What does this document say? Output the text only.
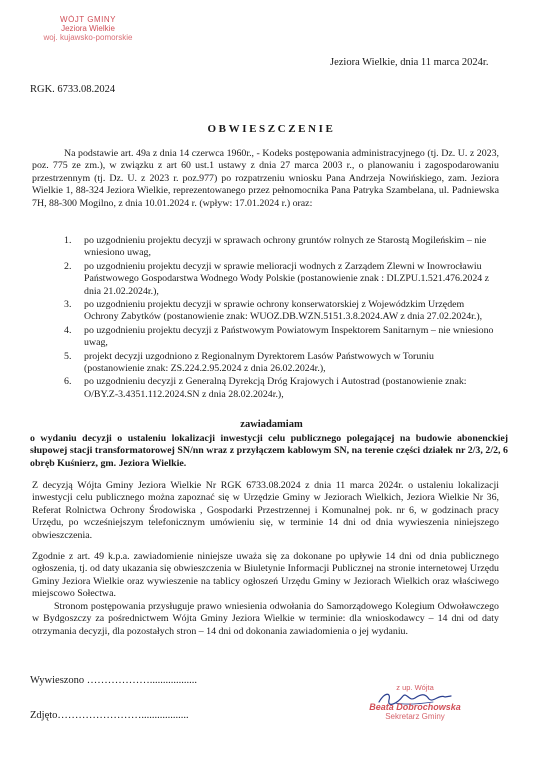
WÓJT GMINY
Jeziora Wielkie
woj. kujawsko-pomorskie
Jeziora Wielkie, dnia 11 marca 2024r.
RGK. 6733.08.2024
OBWIESZCZENIE
Na podstawie art. 49a z dnia 14 czerwca 1960r., - Kodeks postępowania administracyjnego (tj. Dz. U. z 2023, poz. 775 ze zm.), w związku z art 60 ust.1 ustawy z dnia 27 marca 2003 r., o planowaniu i zagospodarowaniu przestrzennym (tj. Dz. U. z 2023 r. poz.977) po rozpatrzeniu wniosku Pana Andrzeja Nowińskiego, zam. Jeziora Wielkie 1, 88-324 Jeziora Wielkie, reprezentowanego przez pełnomocnika Pana Patryka Szambelana, ul. Padniewska 7H, 88-300 Mogilno, z dnia 10.01.2024 r. (wpływ: 17.01.2024 r.) oraz:
1. po uzgodnieniu projektu decyzji w sprawach ochrony gruntów rolnych ze Starostą Mogileńskim – nie wniesiono uwag,
2. po uzgodnieniu projektu decyzji w sprawie melioracji wodnych z Zarządem Zlewni w Inowrocławiu Państwowego Gospodarstwa Wodnego Wody Polskie (postanowienie znak : DI.ZPU.1.521.476.2024 z dnia 21.02.2024r.),
3. po uzgodnieniu projektu decyzji w sprawie ochrony konserwatorskiej z Wojewódzkim Urzędem Ochrony Zabytków (postanowienie znak: WUOZ.DB.WZN.5151.3.8.2024.AW z dnia 27.02.2024r.),
4. po uzgodnieniu projektu decyzji z Państwowym Powiatowym Inspektorem Sanitarnym – nie wniesiono uwag,
5. projekt decyzji uzgodniono z Regionalnym Dyrektorem Lasów Państwowych w Toruniu (postanowienie znak: ZS.224.2.95.2024 z dnia 26.02.2024r.),
6. po uzgodnieniu decyzji z Generalną Dyrekcją Dróg Krajowych i Autostrad (postanowienie znak: O/BY.Z-3.4351.112.2024.SN z dnia 28.02.2024r.),
zawiadamiam
o wydaniu decyzji o ustaleniu lokalizacji inwestycji celu publicznego polegającej na budowie abonenckiej słupowej stacji transformatorowej SN/nn wraz z przyłączem kablowym SN, na terenie części działek nr 2/3, 2/2, 6 obręb Kuśnierz, gm. Jeziora Wielkie.
Z decyzją Wójta Gminy Jeziora Wielkie Nr RGK 6733.08.2024 z dnia 11 marca 2024r. o ustaleniu lokalizacji inwestycji celu publicznego można zapoznać się w Urzędzie Gminy w Jeziorach Wielkich, Jeziora Wielkie Nr 36, Referat Rolnictwa Ochrony Środowiska , Gospodarki Przestrzennej i Komunalnej pok. nr 6, w godzinach pracy Urzędu, po wcześniejszym telefonicznym umówieniu się, w terminie 14 dni od dnia wywieszenia niniejszego obwieszczenia.
Zgodnie z art. 49 k.p.a. zawiadomienie niniejsze uważa się za dokonane po upływie 14 dni od dnia publicznego ogłoszenia, tj. od daty ukazania się obwieszczenia w Biuletynie Informacji Publicznej na stronie internetowej Urzędu Gminy Jeziora Wielkie oraz wywieszenie na tablicy ogłoszeń Urzędu Gminy w Jeziorach Wielkich oraz właściwego miejscowo Sołectwa.
Stronom postępowania przysługuje prawo wniesienia odwołania do Samorządowego Kolegium Odwoławczego w Bydgoszczy za pośrednictwem Wójta Gminy Jeziora Wielkie w terminie: dla wnioskodawcy – 14 dni od daty otrzymania decyzji, dla pozostałych stron – 14 dni od dokonania zawiadomienia o jej wydaniu.
Wywieszono ………………..................
Zdjęto……………………..................
z up. Wójta
Beata Dobrochowska
Sekretarz Gminy
